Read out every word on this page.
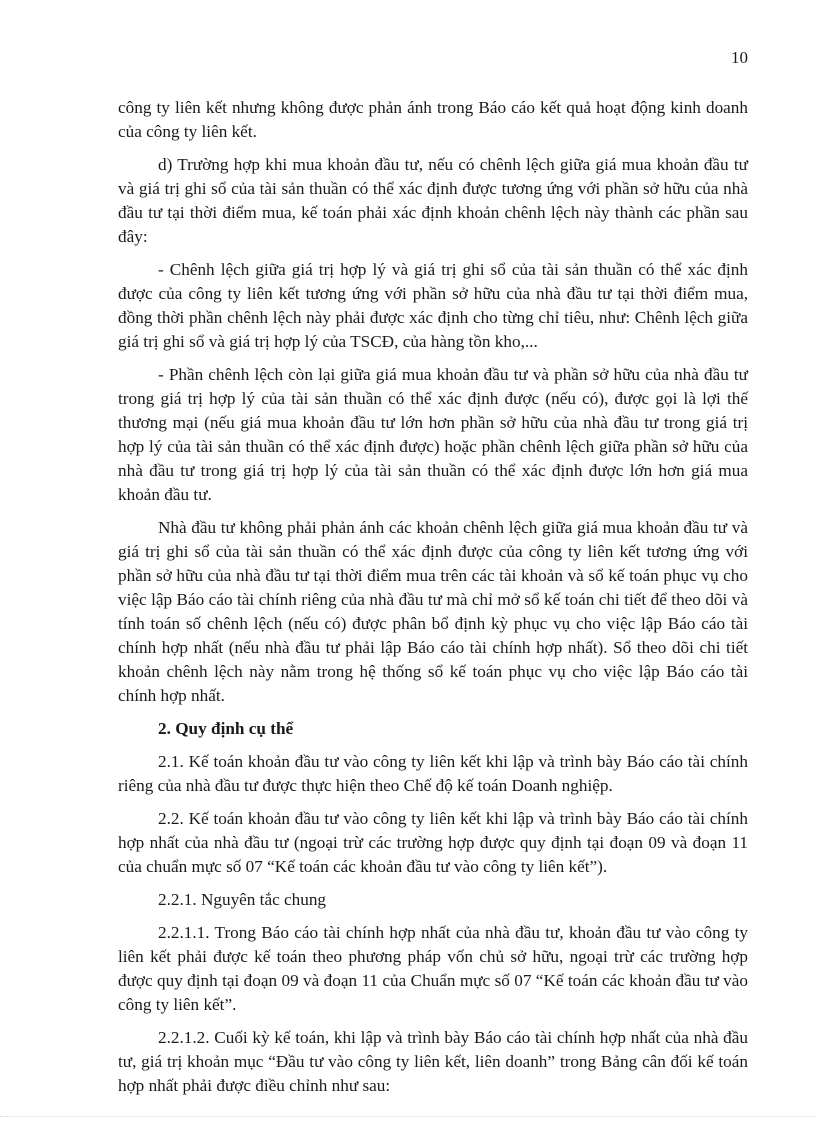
10

công ty liên kết nhưng không được phản ánh trong Báo cáo kết quả hoạt động kinh doanh của công ty liên kết.

d) Trường hợp khi mua khoản đầu tư, nếu có chênh lệch giữa giá mua khoản đầu tư và giá trị ghi sổ của tài sản thuần có thể xác định được tương ứng với phần sở hữu của nhà đầu tư tại thời điểm mua, kế toán phải xác định khoản chênh lệch này thành các phần sau đây:

- Chênh lệch giữa giá trị hợp lý và giá trị ghi sổ của tài sản thuần có thể xác định được của công ty liên kết tương ứng với phần sở hữu của nhà đầu tư tại thời điểm mua, đồng thời phần chênh lệch này phải được xác định cho từng chỉ tiêu, như: Chênh lệch giữa giá trị ghi sổ và giá trị hợp lý của TSCĐ, của hàng tồn kho,...

- Phần chênh lệch còn lại giữa giá mua khoản đầu tư và phần sở hữu của nhà đầu tư trong giá trị hợp lý của tài sản thuần có thể xác định được (nếu có), được gọi là lợi thế thương mại (nếu giá mua khoản đầu tư lớn hơn phần sở hữu của nhà đầu tư trong giá trị hợp lý của tài sản thuần có thể xác định được) hoặc phần chênh lệch giữa phần sở hữu của nhà đầu tư trong giá trị hợp lý của tài sản thuần có thể xác định được lớn hơn giá mua khoản đầu tư.

Nhà đầu tư không phải phản ánh các khoản chênh lệch giữa giá mua khoản đầu tư và giá trị ghi sổ của tài sản thuần có thể xác định được của công ty liên kết tương ứng với phần sở hữu của nhà đầu tư tại thời điểm mua trên các tài khoản và sổ kế toán phục vụ cho việc lập Báo cáo tài chính riêng của nhà đầu tư mà chỉ mở sổ kế toán chi tiết để theo dõi và tính toán số chênh lệch (nếu có) được phân bổ định kỳ phục vụ cho việc lập Báo cáo tài chính hợp nhất (nếu nhà đầu tư phải lập Báo cáo tài chính hợp nhất). Sổ theo dõi chi tiết khoản chênh lệch này nằm trong hệ thống sổ kế toán phục vụ cho việc lập Báo cáo tài chính hợp nhất.

2. Quy định cụ thể

2.1. Kế toán khoản đầu tư vào công ty liên kết khi lập và trình bày Báo cáo tài chính riêng của nhà đầu tư được thực hiện theo Chế độ kế toán Doanh nghiệp.

2.2. Kế toán khoản đầu tư vào công ty liên kết khi lập và trình bày Báo cáo tài chính hợp nhất của nhà đầu tư (ngoại trừ các trường hợp được quy định tại đoạn 09 và đoạn 11 của chuẩn mực số 07 “Kế toán các khoản đầu tư vào công ty liên kết”).

2.2.1. Nguyên tắc chung

2.2.1.1. Trong Báo cáo tài chính hợp nhất của nhà đầu tư, khoản đầu tư vào công ty liên kết phải được kế toán theo phương pháp vốn chủ sở hữu, ngoại trừ các trường hợp được quy định tại đoạn 09 và đoạn 11 của Chuẩn mực số 07 “Kế toán các khoản đầu tư vào công ty liên kết”.

2.2.1.2. Cuối kỳ kế toán, khi lập và trình bày Báo cáo tài chính hợp nhất của nhà đầu tư, giá trị khoản mục “Đầu tư vào công ty liên kết, liên doanh” trong Bảng cân đối kế toán hợp nhất phải được điều chỉnh như sau:
